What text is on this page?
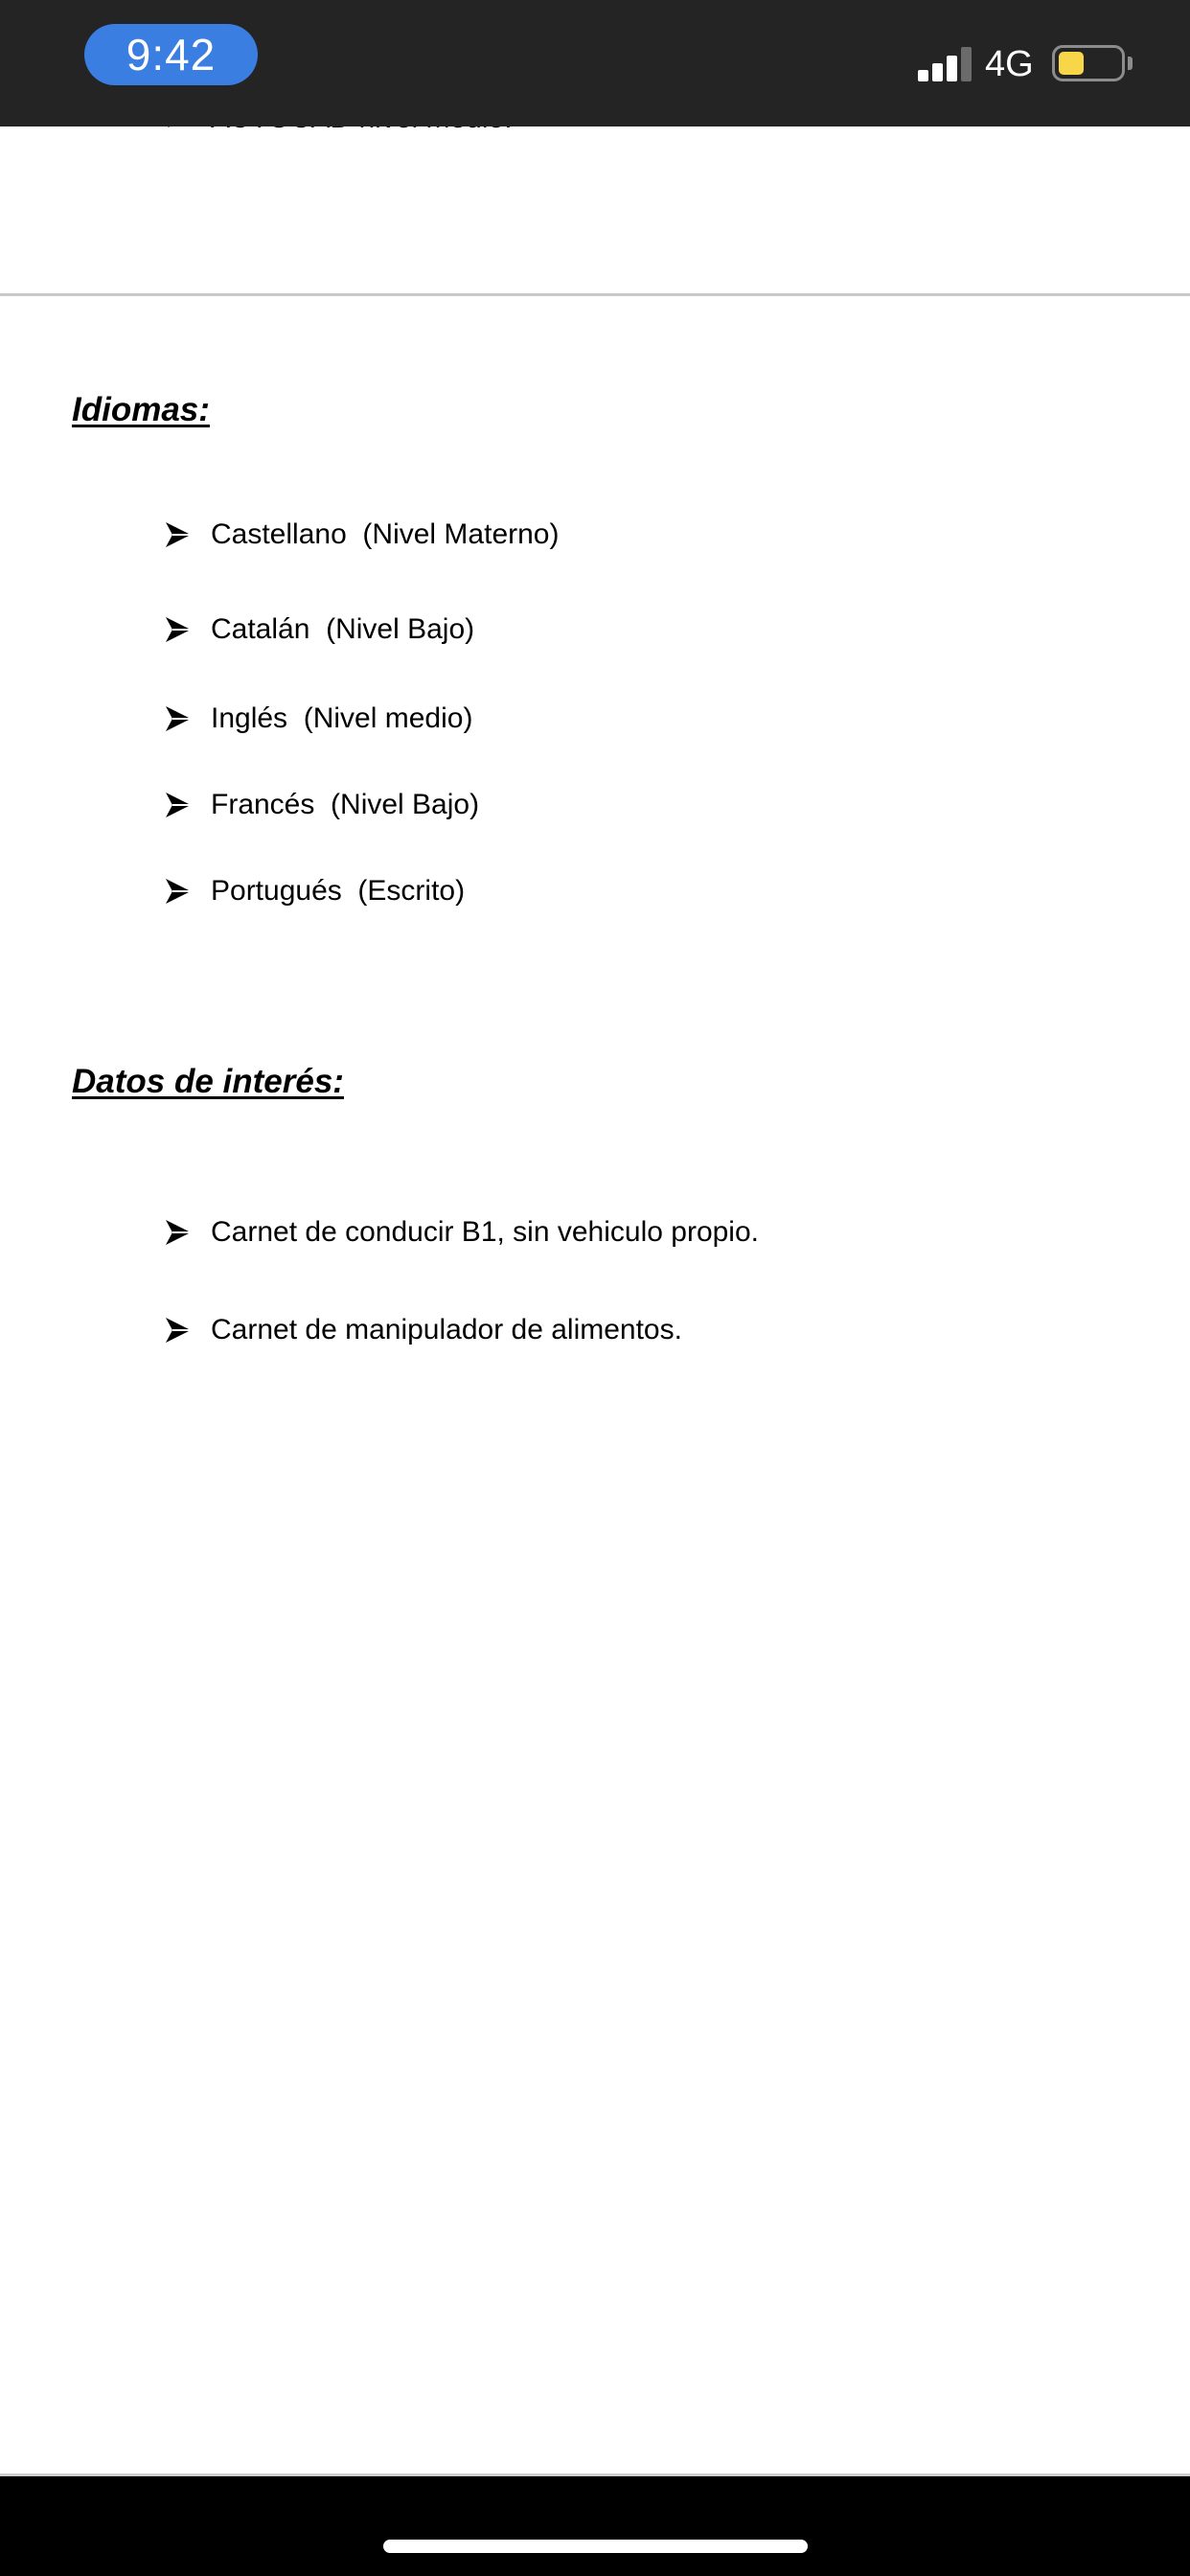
Idiomas:
Castellano  (Nivel Materno)
Catalán  (Nivel Bajo)
Inglés  (Nivel medio)
Francés  (Nivel Bajo)
Portugués  (Escrito)
Datos de interés:
Carnet de conducir B1, sin vehiculo propio.
Carnet de manipulador de alimentos.
9:42	4G
